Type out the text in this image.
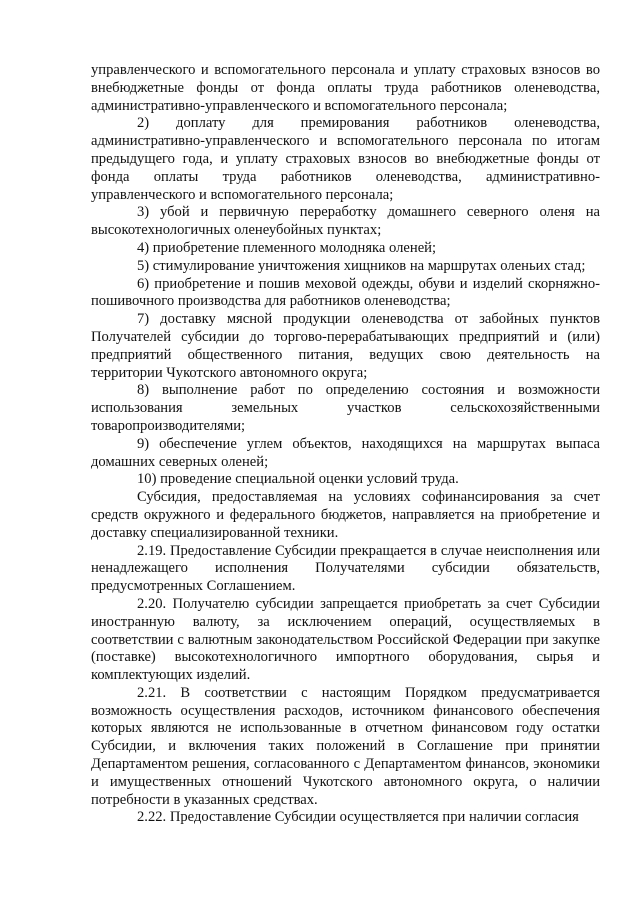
управленческого и вспомогательного персонала и уплату страховых взносов во внебюджетные фонды от фонда оплаты труда работников оленеводства, административно-управленческого и вспомогательного персонала;

2) доплату для премирования работников оленеводства, административно-управленческого и вспомогательного персонала по итогам предыдущего года, и уплату страховых взносов во внебюджетные фонды от фонда оплаты труда работников оленеводства, административно-управленческого и вспомогательного персонала;

3) убой и первичную переработку домашнего северного оленя на высокотехнологичных оленеубойных пунктах;

4) приобретение племенного молодняка оленей;

5) стимулирование уничтожения хищников на маршрутах оленьих стад;

6) приобретение и пошив меховой одежды, обуви и изделий скорняжно-пошивочного производства для работников оленеводства;

7) доставку мясной продукции оленеводства от забойных пунктов Получателей субсидии до торгово-перерабатывающих предприятий и (или) предприятий общественного питания, ведущих свою деятельность на территории Чукотского автономного округа;

8) выполнение работ по определению состояния и возможности использования земельных участков сельскохозяйственными товаропроизводителями;

9) обеспечение углем объектов, находящихся на маршрутах выпаса домашних северных оленей;

10) проведение специальной оценки условий труда.

Субсидия, предоставляемая на условиях софинансирования за счет средств окружного и федерального бюджетов, направляется на приобретение и доставку специализированной техники.

2.19. Предоставление Субсидии прекращается в случае неисполнения или ненадлежащего исполнения Получателями субсидии обязательств, предусмотренных Соглашением.

2.20. Получателю субсидии запрещается приобретать за счет Субсидии иностранную валюту, за исключением операций, осуществляемых в соответствии с валютным законодательством Российской Федерации при закупке (поставке) высокотехнологичного импортного оборудования, сырья и комплектующих изделий.

2.21. В соответствии с настоящим Порядком предусматривается возможность осуществления расходов, источником финансового обеспечения которых являются не использованные в отчетном финансовом году остатки Субсидии, и включения таких положений в Соглашение при принятии Департаментом решения, согласованного с Департаментом финансов, экономики и имущественных отношений Чукотского автономного округа, о наличии потребности в указанных средствах.

2.22. Предоставление Субсидии осуществляется при наличии согласия
